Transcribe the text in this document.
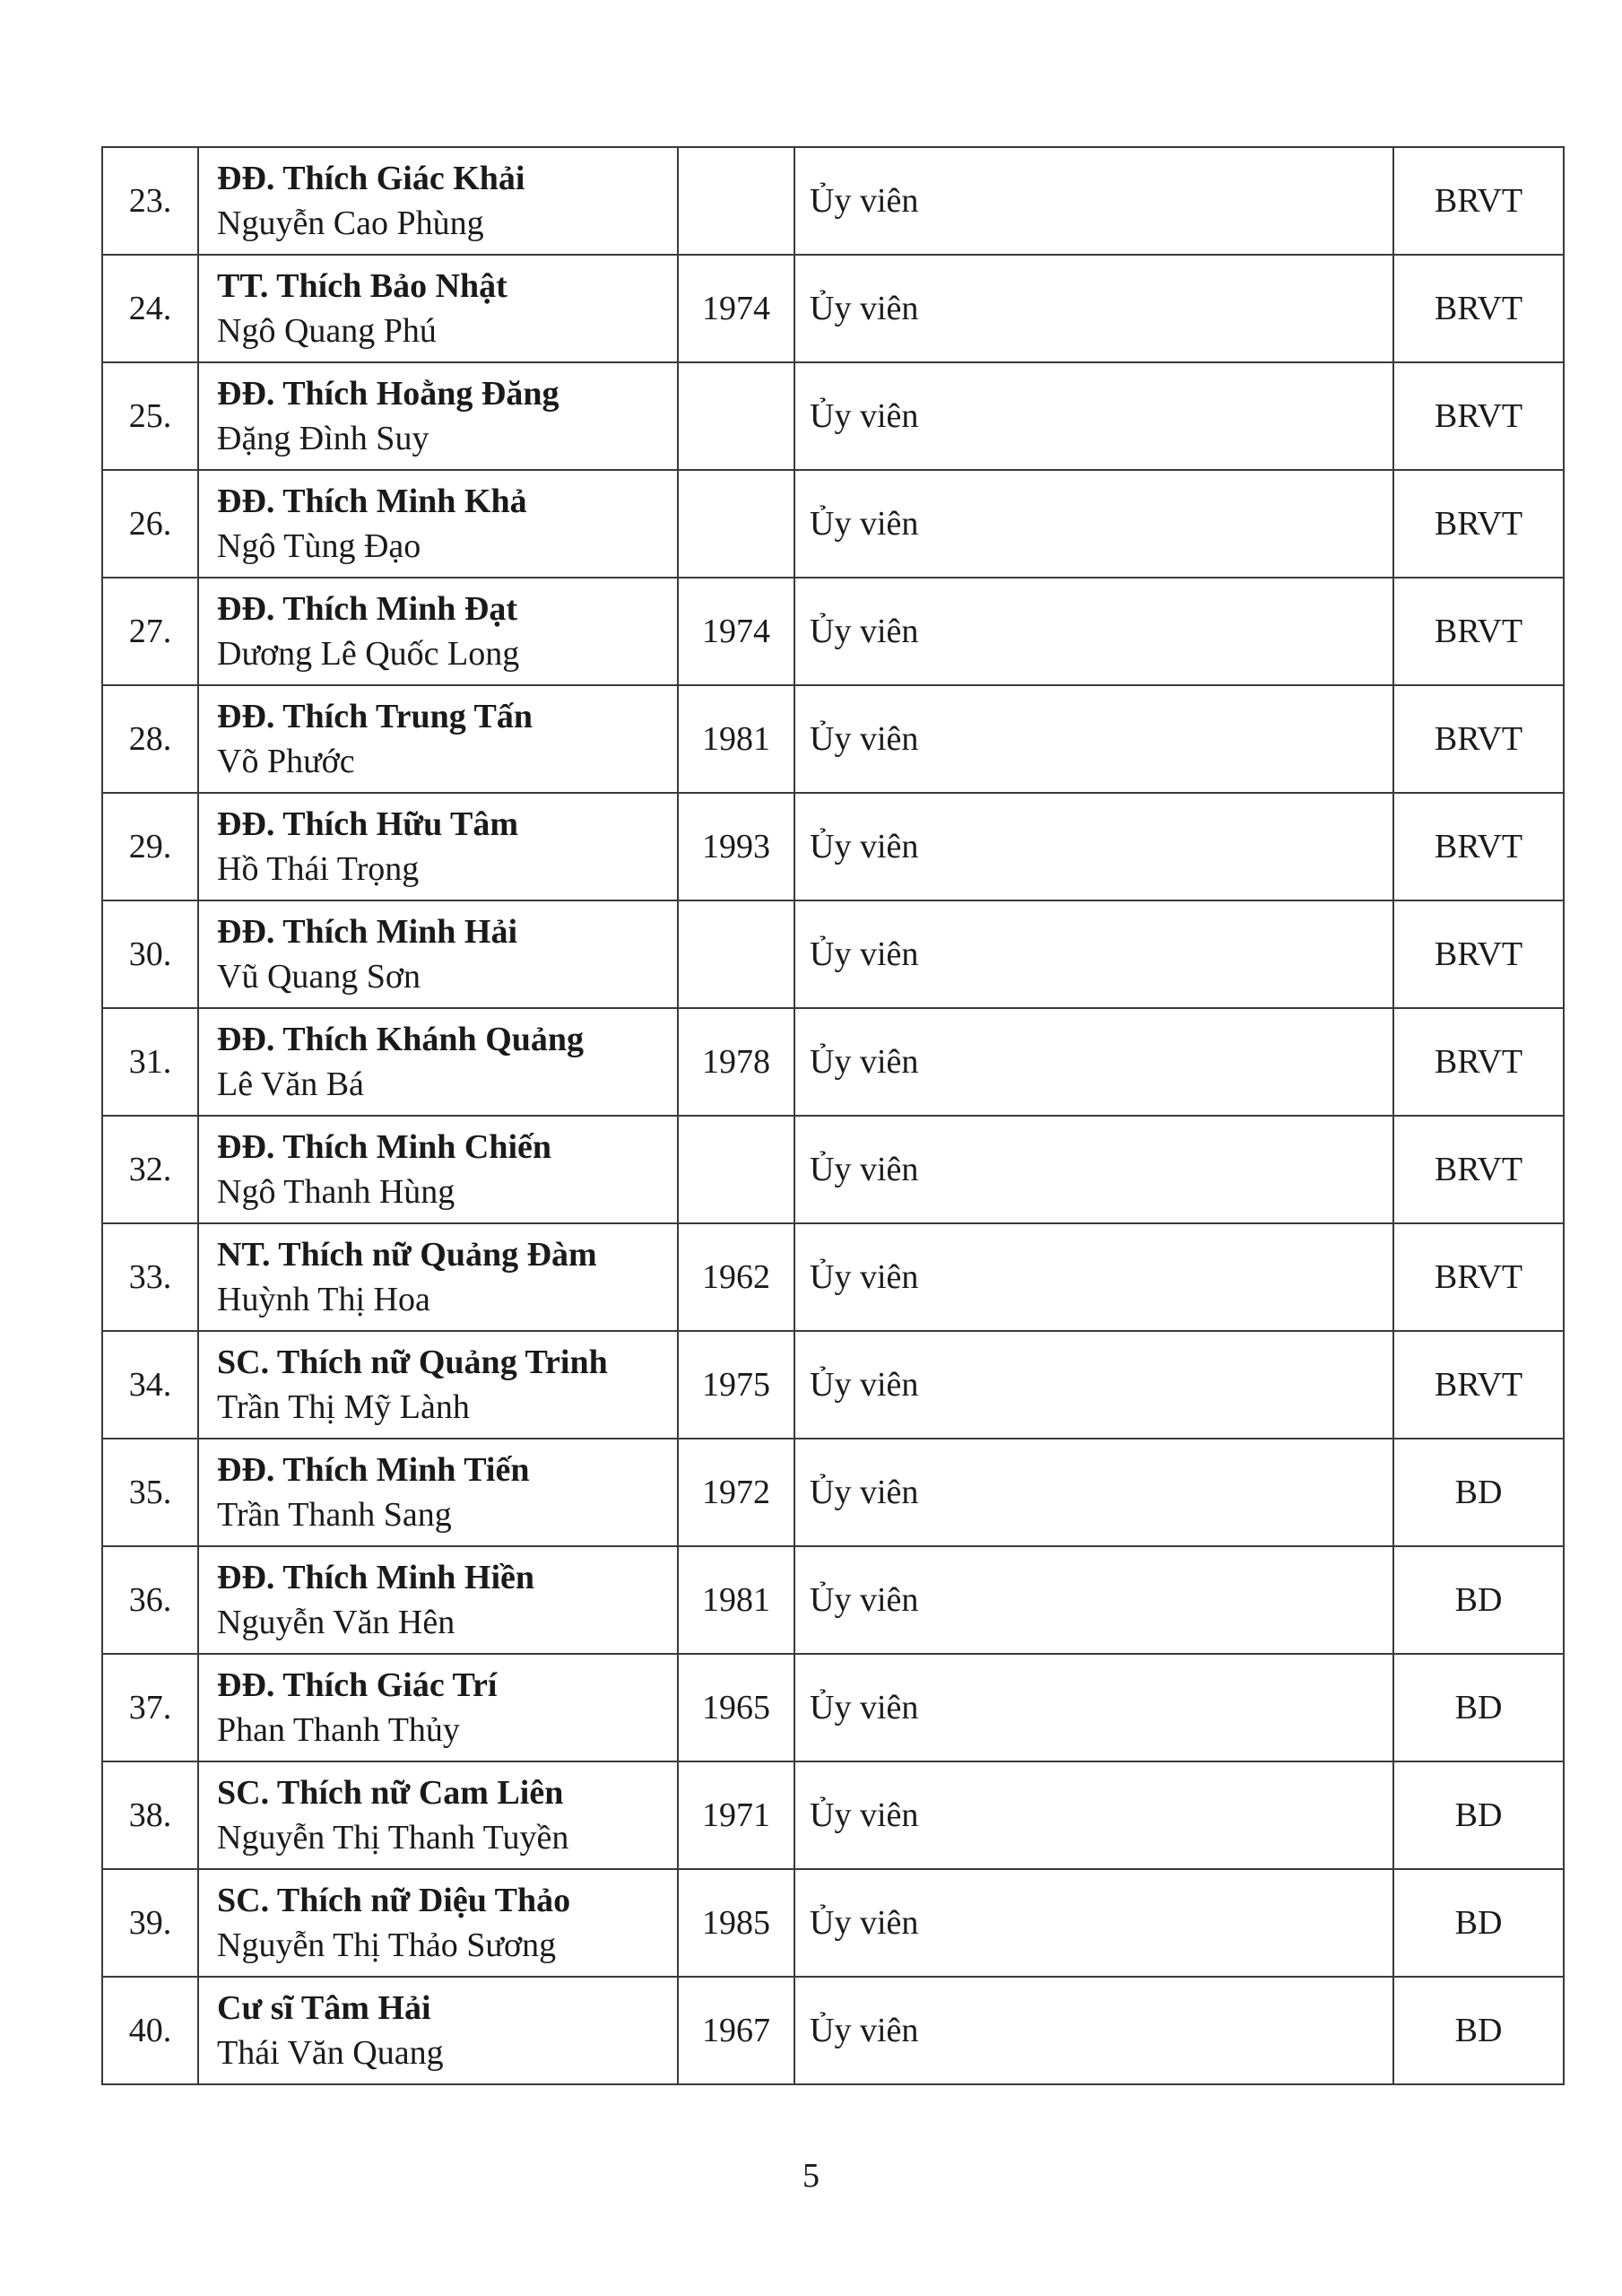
23.	ĐĐ. Thích Giác Khải
Nguyễn Cao Phùng		Ủy viên	BRVT
24.	TT. Thích Bảo Nhật
Ngô Quang Phú	1974	Ủy viên	BRVT
25.	ĐĐ. Thích Hoằng Đăng
Đặng Đình Suy		Ủy viên	BRVT
26.	ĐĐ. Thích Minh Khả
Ngô Tùng Đạo		Ủy viên	BRVT
27.	ĐĐ. Thích Minh Đạt
Dương Lê Quốc Long	1974	Ủy viên	BRVT
28.	ĐĐ. Thích Trung Tấn
Võ Phước	1981	Ủy viên	BRVT
29.	ĐĐ. Thích Hữu Tâm
Hồ Thái Trọng	1993	Ủy viên	BRVT
30.	ĐĐ. Thích Minh Hải
Vũ Quang Sơn		Ủy viên	BRVT
31.	ĐĐ. Thích Khánh Quảng
Lê Văn Bá	1978	Ủy viên	BRVT
32.	ĐĐ. Thích Minh Chiến
Ngô Thanh Hùng		Ủy viên	BRVT
33.	NT. Thích nữ Quảng Đàm
Huỳnh Thị Hoa	1962	Ủy viên	BRVT
34.	SC. Thích nữ Quảng Trinh
Trần Thị Mỹ Lành	1975	Ủy viên	BRVT
35.	ĐĐ. Thích Minh Tiến
Trần Thanh Sang	1972	Ủy viên	BD
36.	ĐĐ. Thích Minh Hiền
Nguyễn Văn Hên	1981	Ủy viên	BD
37.	ĐĐ. Thích Giác Trí
Phan Thanh Thủy	1965	Ủy viên	BD
38.	SC. Thích nữ Cam Liên
Nguyễn Thị Thanh Tuyền	1971	Ủy viên	BD
39.	SC. Thích nữ Diệu Thảo
Nguyễn Thị Thảo Sương	1985	Ủy viên	BD
40.	Cư sĩ Tâm Hải
Thái Văn Quang	1967	Ủy viên	BD
5
